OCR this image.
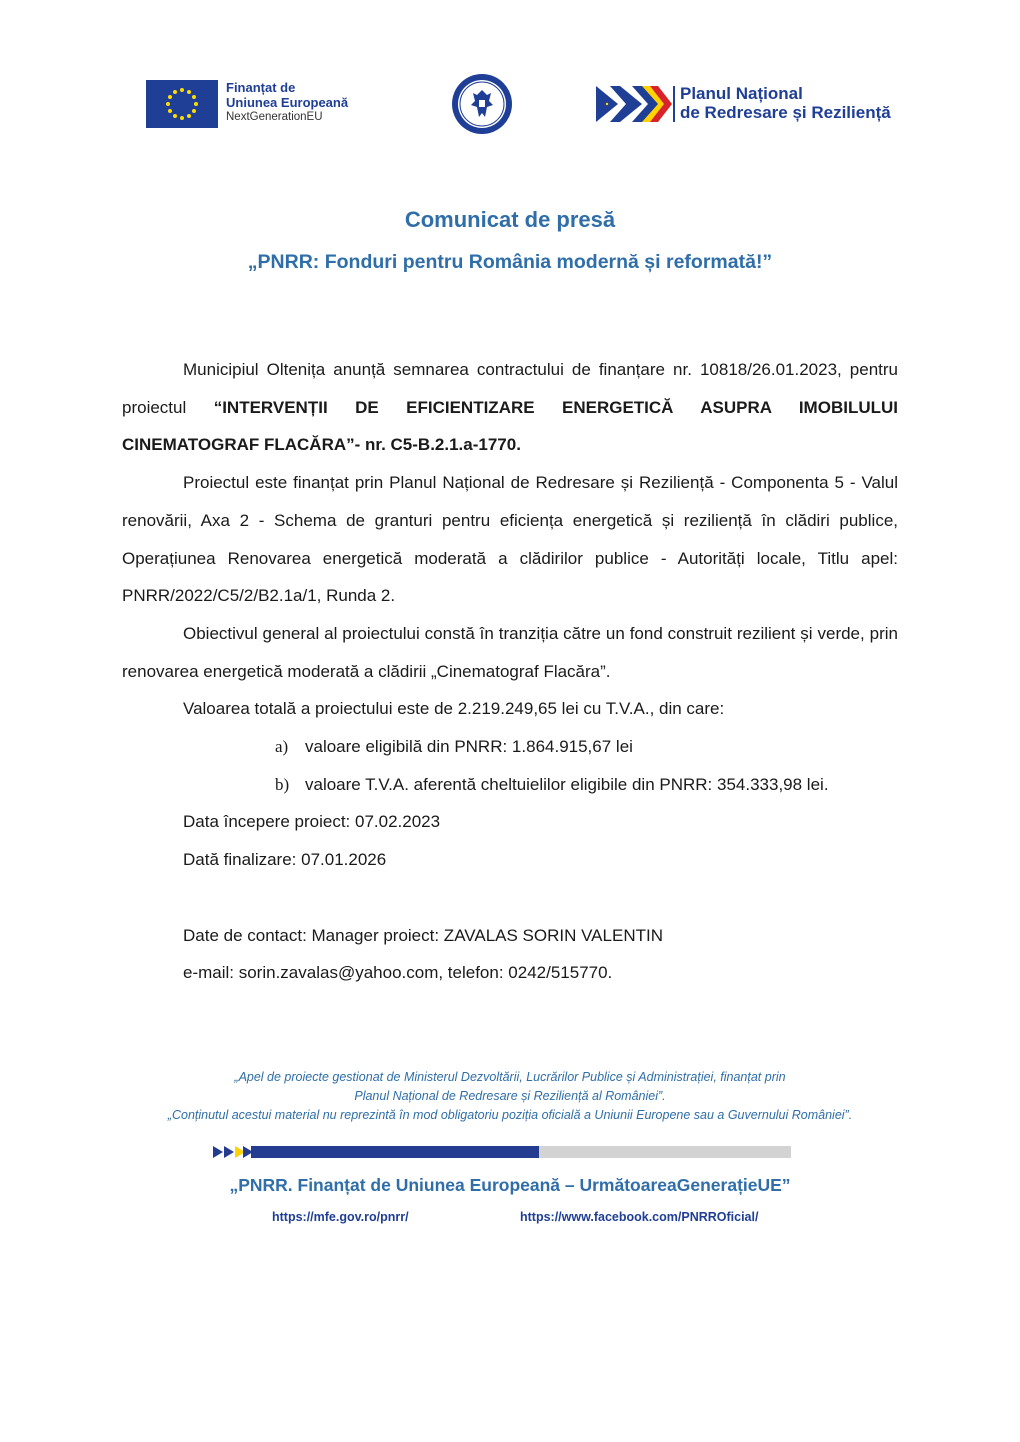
Finanțat de
Uniunea Europeană
NextGenerationEU
Planul Național
de Redresare și Reziliență
Comunicat de presă
„PNRR: Fonduri pentru România modernă și reformată!”

Municipiul Oltenița anunță semnarea contractului de finanțare nr. 10818/26.01.2023, pentru proiectul “INTERVENȚII DE EFICIENTIZARE ENERGETICĂ ASUPRA IMOBILULUI CINEMATOGRAF FLACĂRA”- nr. C5-B.2.1.a-1770.

Proiectul este finanțat prin Planul Național de Redresare și Reziliență - Componenta 5 - Valul renovării, Axa 2 - Schema de granturi pentru eficiența energetică și reziliență în clădiri publice, Operațiunea Renovarea energetică moderată a clădirilor publice - Autorități locale, Titlu apel: PNRR/2022/C5/2/B2.1a/1, Runda 2.

Obiectivul general al proiectului constă în tranziția către un fond construit rezilient și verde, prin renovarea energetică moderată a clădirii „Cinematograf Flacăra”.

Valoarea totală a proiectului este de 2.219.249,65 lei cu T.V.A., din care:

a) valoare eligibilă din PNRR: 1.864.915,67 lei

b) valoare T.V.A. aferentă cheltuielilor eligibile din PNRR: 354.333,98 lei.

Data începere proiect: 07.02.2023

Dată finalizare: 07.01.2026

Date de contact: Manager proiect: ZAVALAS SORIN VALENTIN

e-mail: sorin.zavalas@yahoo.com, telefon: 0242/515770.

„Apel de proiecte gestionat de Ministerul Dezvoltării, Lucrărilor Publice și Administrației, finanțat prin
Planul Național de Redresare și Reziliență al României”.
„Conținutul acestui material nu reprezintă în mod obligatoriu poziția oficială a Uniunii Europene sau a Guvernului României”.
„PNRR. Finanțat de Uniunea Europeană – UrmătoareaGenerațieUE”
https://mfe.gov.ro/pnrr/	https://www.facebook.com/PNRROficial/
